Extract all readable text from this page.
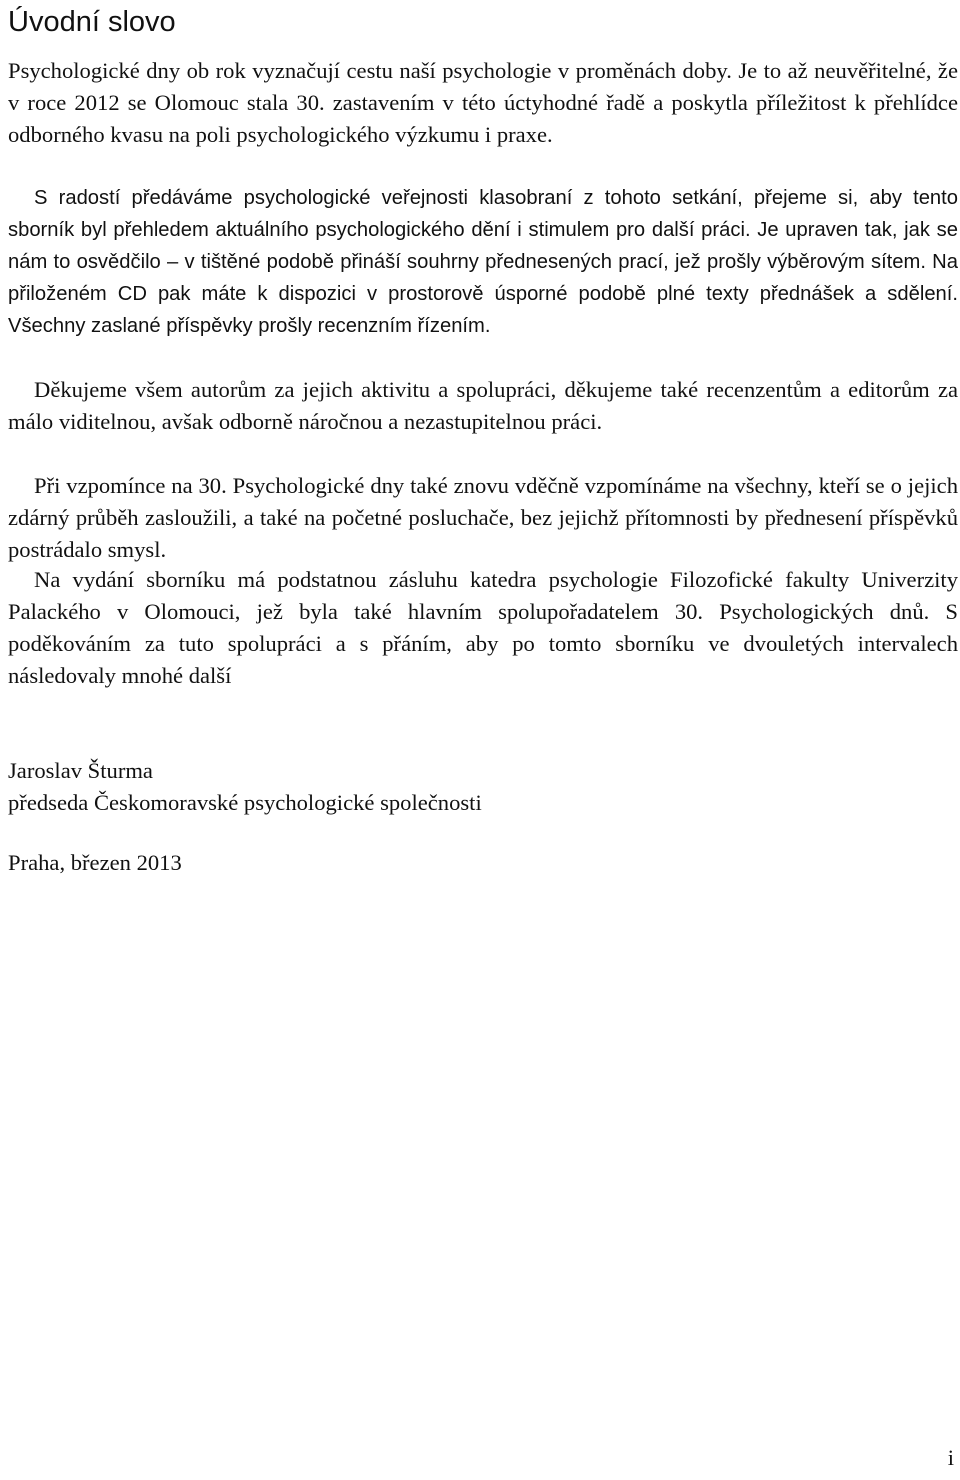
Úvodní slovo

Psychologické dny ob rok vyznačují cestu naší psychologie v proměnách doby. Je to až neuvěřitelné, že v roce 2012 se Olomouc stala 30. zastavením v této úctyhodné řadě a poskytla příležitost k přehlídce odborného kvasu na poli psychologického výzkumu i praxe.

S radostí předáváme psychologické veřejnosti klasobraní z tohoto setkání, přejeme si, aby tento sborník byl přehledem aktuálního psychologického dění i stimulem pro další práci. Je upraven tak, jak se nám to osvědčilo – v tištěné podobě přináší souhrny přednesených prací, jež prošly výběrovým sítem. Na přiloženém CD pak máte k dispozici v prostorově úsporné podobě plné texty přednášek a sdělení. Všechny zaslané příspěvky prošly recenzním řízením.

Děkujeme všem autorům za jejich aktivitu a spolupráci, děkujeme také recenzentům a editorům za málo viditelnou, avšak odborně náročnou a nezastupitelnou práci.

Při vzpomínce na 30. Psychologické dny také znovu vděčně vzpomínáme na všechny, kteří se o jejich zdárný průběh zasloužili, a také na početné posluchače, bez jejichž přítomnosti by přednesení příspěvků postrádalo smysl.

Na vydání sborníku má podstatnou zásluhu katedra psychologie Filozofické fakulty Univerzity Palackého v Olomouci, jež byla také hlavním spolupořadatelem 30. Psychologických dnů. S poděkováním za tuto spolupráci a s přáním, aby po tomto sborníku ve dvouletých intervalech následovaly mnohé další

Jaroslav Šturma

předseda Českomoravské psychologické společnosti

Praha, březen 2013

i
